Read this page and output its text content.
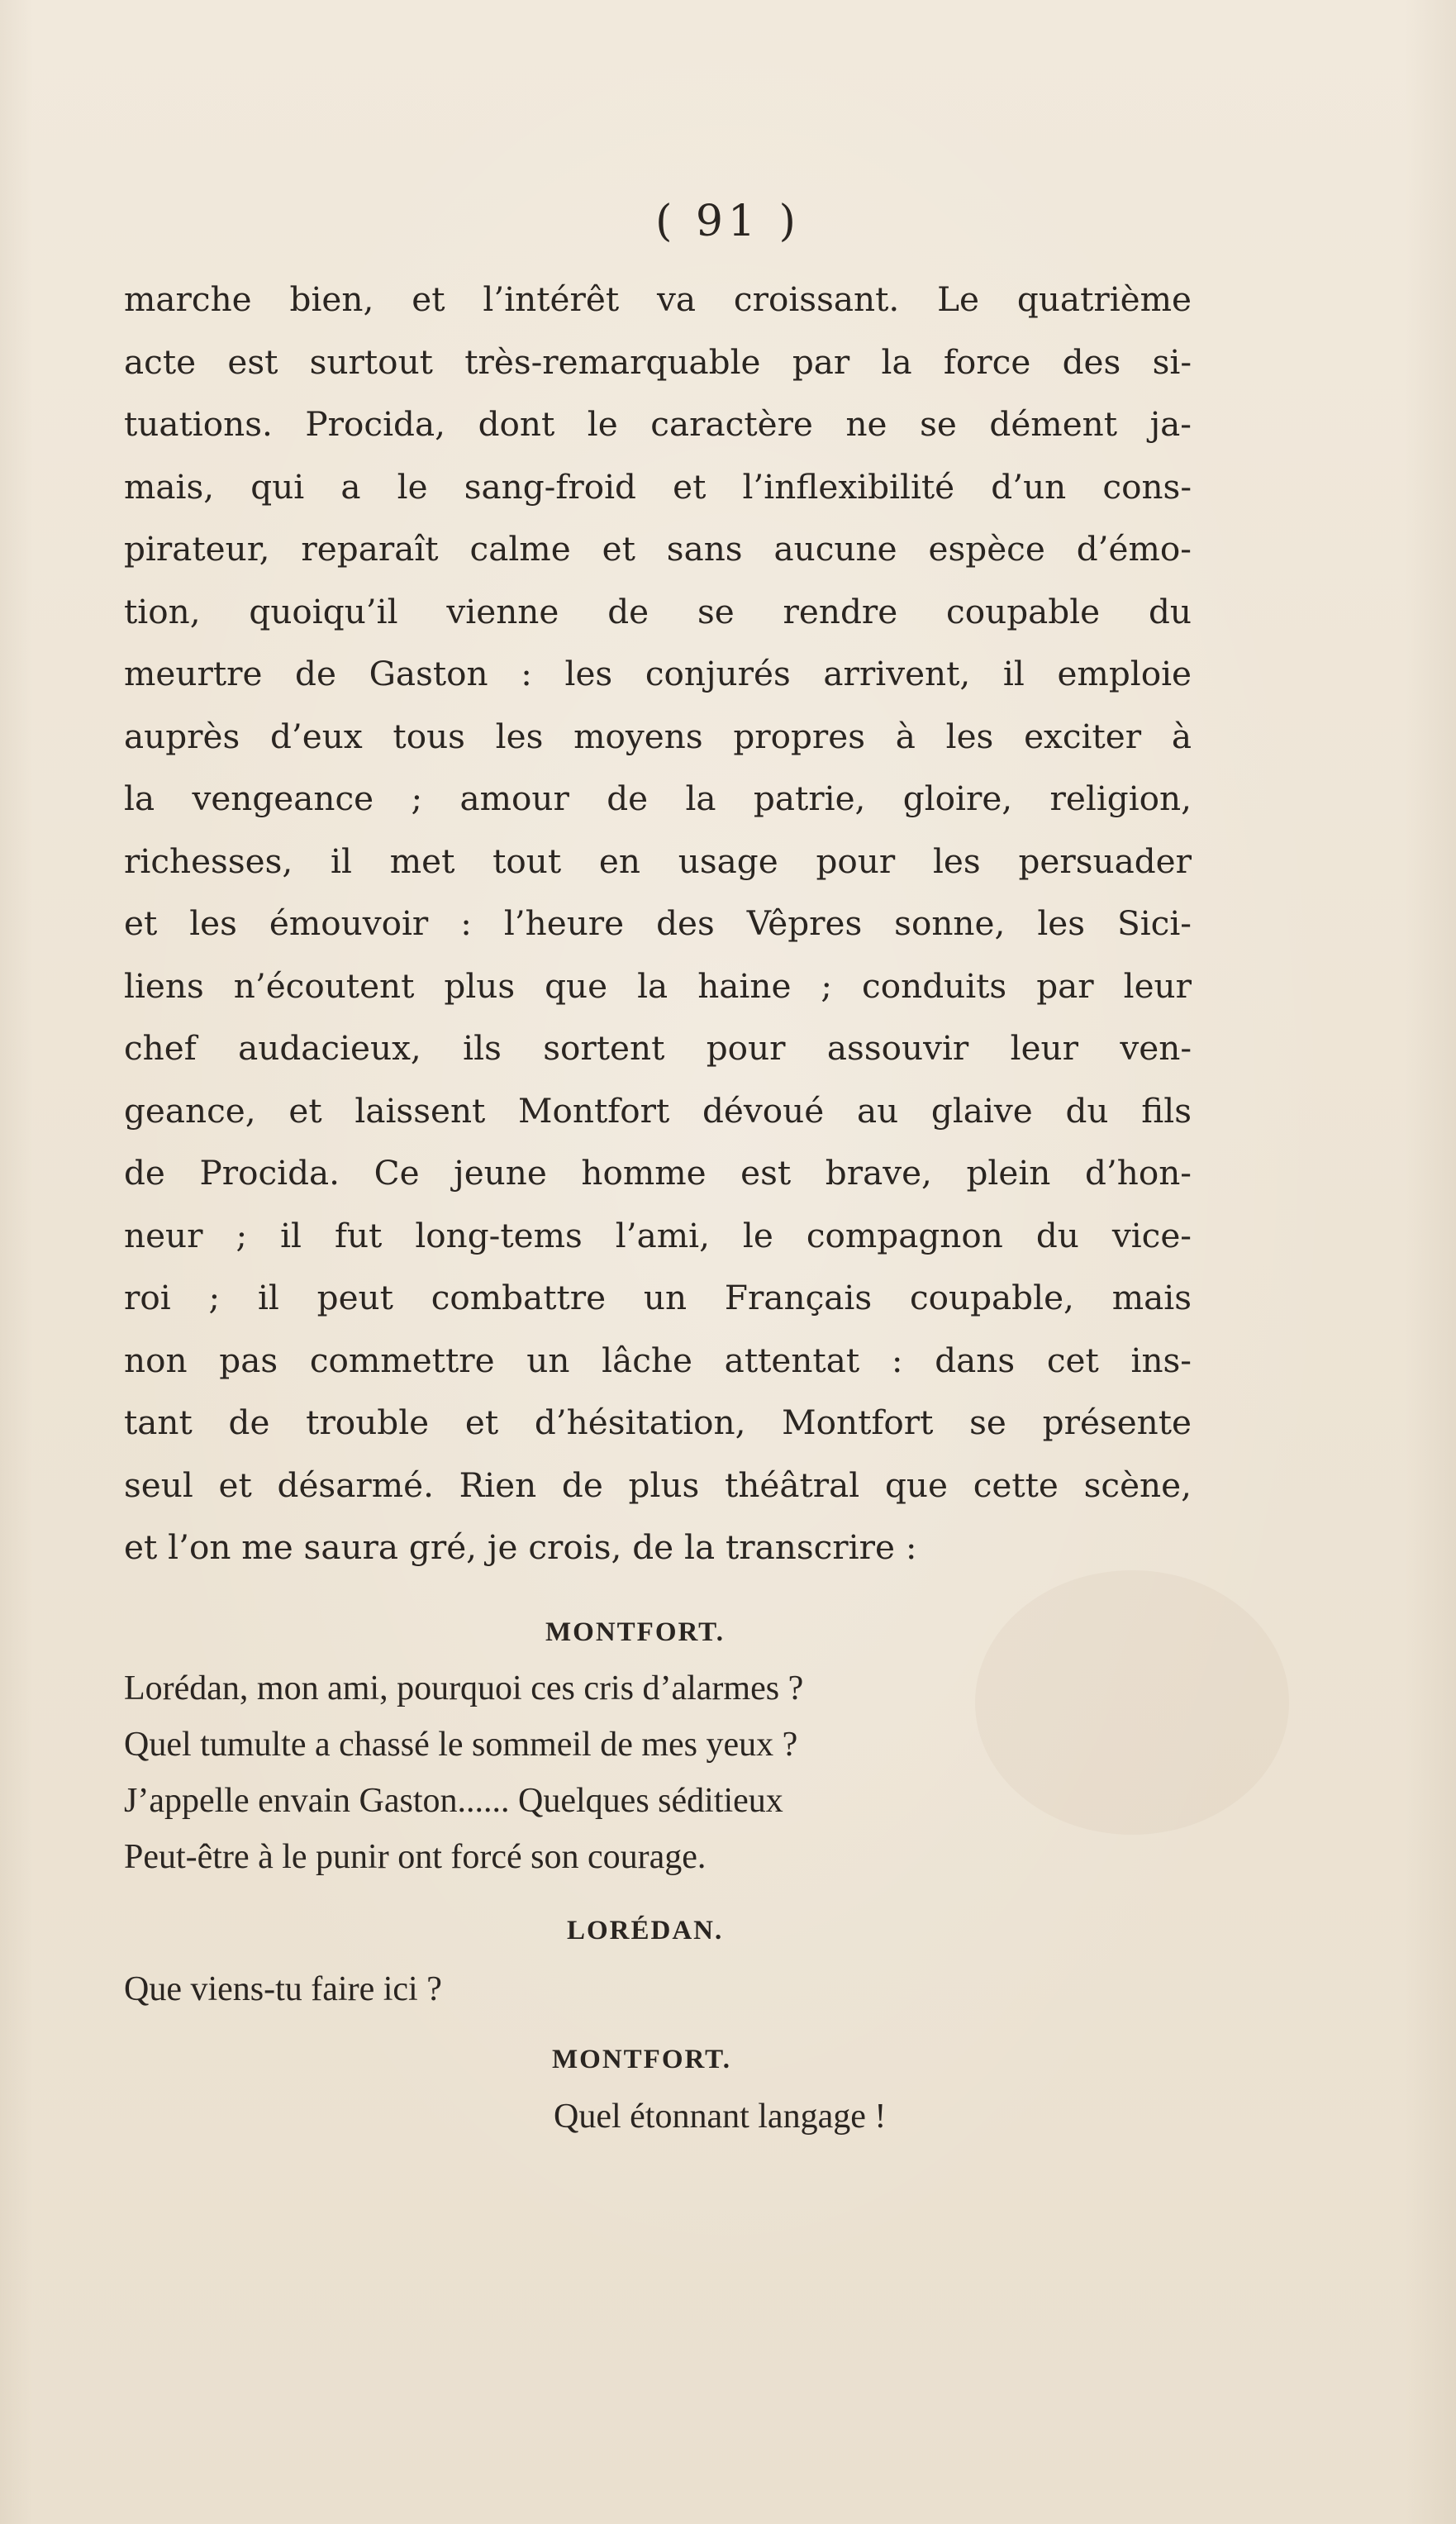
( 91 )
marche bien, et l’intérêt va croissant. Le quatrième
acte est surtout très-remarquable par la force des si-
tuations. Procida, dont le caractère ne se dément ja-
mais, qui a le sang-froid et l’inflexibilité d’un cons-
pirateur, reparaît calme et sans aucune espèce d’émo-
tion, quoiqu’il vienne de se rendre coupable du
meurtre de Gaston : les conjurés arrivent, il emploie
auprès d’eux tous les moyens propres à les exciter à
la vengeance ; amour de la patrie, gloire, religion,
richesses, il met tout en usage pour les persuader
et les émouvoir : l’heure des Vêpres sonne, les Sici-
liens n’écoutent plus que la haine ; conduits par leur
chef audacieux, ils sortent pour assouvir leur ven-
geance, et laissent Montfort dévoué au glaive du fils
de Procida. Ce jeune homme est brave, plein d’hon-
neur ; il fut long-tems l’ami, le compagnon du vice-
roi ; il peut combattre un Français coupable, mais
non pas commettre un lâche attentat : dans cet ins-
tant de trouble et d’hésitation, Montfort se présente
seul et désarmé. Rien de plus théâtral que cette scène,
et l’on me saura gré, je crois, de la transcrire :
MONTFORT.
Lorédan, mon ami, pourquoi ces cris d’alarmes ?
Quel tumulte a chassé le sommeil de mes yeux ?
J’appelle envain Gaston...... Quelques séditieux
Peut-être à le punir ont forcé son courage.
LORÉDAN.
Que viens-tu faire ici ?
MONTFORT.
Quel étonnant langage !
